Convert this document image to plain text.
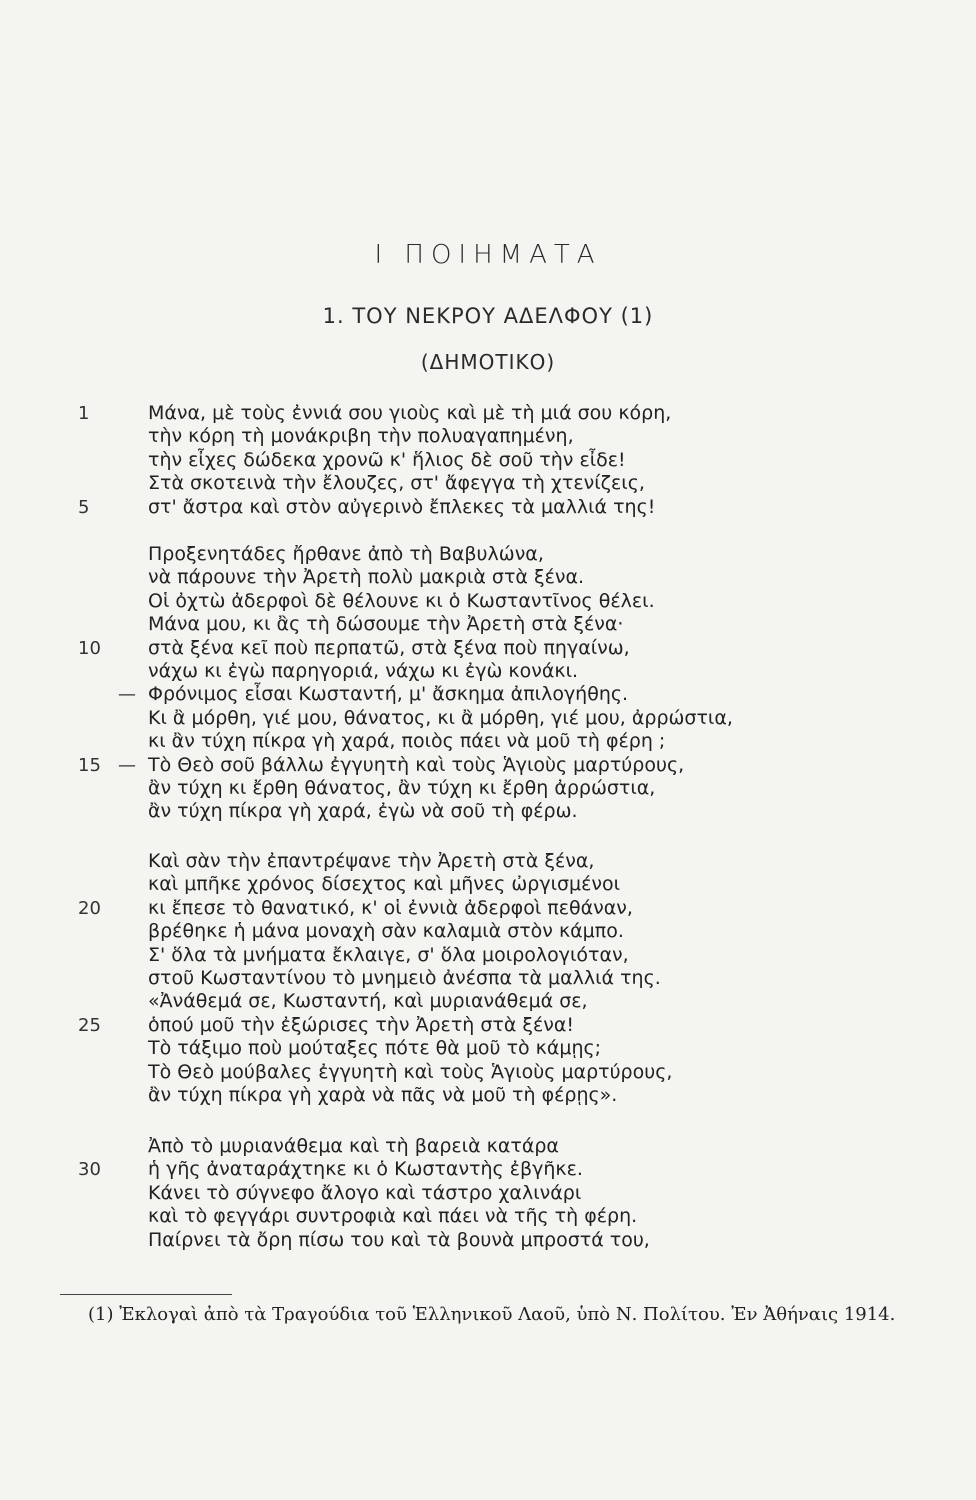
Ι ΠΟΙΗΜΑΤΑ
1. ΤΟΥ ΝΕΚΡΟΥ ΑΔΕΛΦΟΥ (1)
(ΔΗΜΟΤΙΚΟ)
1	Μάνα, μὲ τοὺς ἐννιά σου γιοὺς καὶ μὲ τὴ μιά σου κόρη,
τὴν κόρη τὴ μονάκριβη τὴν πολυαγαπημένη,
τὴν εἶχες δώδεκα χρονῶ κ' ἥλιος δὲ σοῦ τὴν εἶδε!
Στὰ σκοτεινὰ τὴν ἔλουζες, στ' ἄφεγγα τὴ χτενίζεις,
5	στ' ἄστρα καὶ στὸν αὐγερινὸ ἔπλεκες τὰ μαλλιά της!
Προξενητάδες ἤρθανε ἀπὸ τὴ Βαβυλώνα,
νὰ πάρουνε τὴν Ἀρετὴ πολὺ μακριὰ στὰ ξένα.
Οἱ ὀχτὼ ἀδερφοὶ δὲ θέλουνε κι ὁ Κωσταντῖνος θέλει.
Μάνα μου, κι ἂς τὴ δώσουμε τὴν Ἀρετὴ στὰ ξένα·
10	στὰ ξένα κεῖ ποὺ περπατῶ, στὰ ξένα ποὺ πηγαίνω,
νάχω κι ἐγὼ παρηγοριά, νάχω κι ἐγὼ κονάκι.
— Φρόνιμος εἶσαι Κωσταντή, μ' ἄσκημα ἀπιλογήθης.
Κι ἂ μόρθη, γιέ μου, θάνατος, κι ἂ μόρθη, γιέ μου, ἀρρώστια,
κι ἂν τύχη πίκρα γὴ χαρά, ποιὸς πάει νὰ μοῦ τὴ φέρη ;
15 — Τὸ Θεὸ σοῦ βάλλω ἐγγυητὴ καὶ τοὺς Ἁγιοὺς μαρτύρους,
ἂν τύχη κι ἔρθη θάνατος, ἂν τύχη κι ἔρθη ἀρρώστια,
ἂν τύχη πίκρα γὴ χαρά, ἐγὼ νὰ σοῦ τὴ φέρω.
Καὶ σὰν τὴν ἐπαντρέψανε τὴν Ἀρετὴ στὰ ξένα,
καὶ μπῆκε χρόνος δίσεχτος καὶ μῆνες ὠργισμένοι
20	κι ἔπεσε τὸ θανατικό, κ' οἱ ἐννιὰ ἀδερφοὶ πεθάναν,
βρέθηκε ἡ μάνα μοναχὴ σὰν καλαμιὰ στὸν κάμπο.
Σ' ὅλα τὰ μνήματα ἔκλαιγε, σ' ὅλα μοιρολογιόταν,
στοῦ Κωσταντίνου τὸ μνημειὸ ἀνέσπα τὰ μαλλιά της.
«Ἀνάθεμά σε, Κωσταντή, καὶ μυριανάθεμά σε,
25	ὁπού μοῦ τὴν ἐξώρισες τὴν Ἀρετὴ στὰ ξένα!
Τὸ τάξιμο ποὺ μούταξες πότε θὰ μοῦ τὸ κάμῃς;
Τὸ Θεὸ μούβαλες ἐγγυητὴ καὶ τοὺς Ἁγιοὺς μαρτύρους,
ἂν τύχη πίκρα γὴ χαρὰ νὰ πᾶς νὰ μοῦ τὴ φέρῃς».
Ἀπὸ τὸ μυριανάθεμα καὶ τὴ βαρειὰ κατάρα
30	ἡ γῆς ἀναταράχτηκε κι ὁ Κωσταντὴς ἐβγῆκε.
Κάνει τὸ σύγνεφο ἄλογο καὶ τάστρο χαλινάρι
καὶ τὸ φεγγάρι συντροφιὰ καὶ πάει νὰ τῆς τὴ φέρη.
Παίρνει τὰ ὄρη πίσω του καὶ τὰ βουνὰ μπροστά του,
(1) Ἐκλογαὶ ἀπὸ τὰ Τραγούδια τοῦ Ἑλληνικοῦ Λαοῦ, ὑπὸ Ν. Πολίτου. Ἐν Ἀθήναις 1914.
